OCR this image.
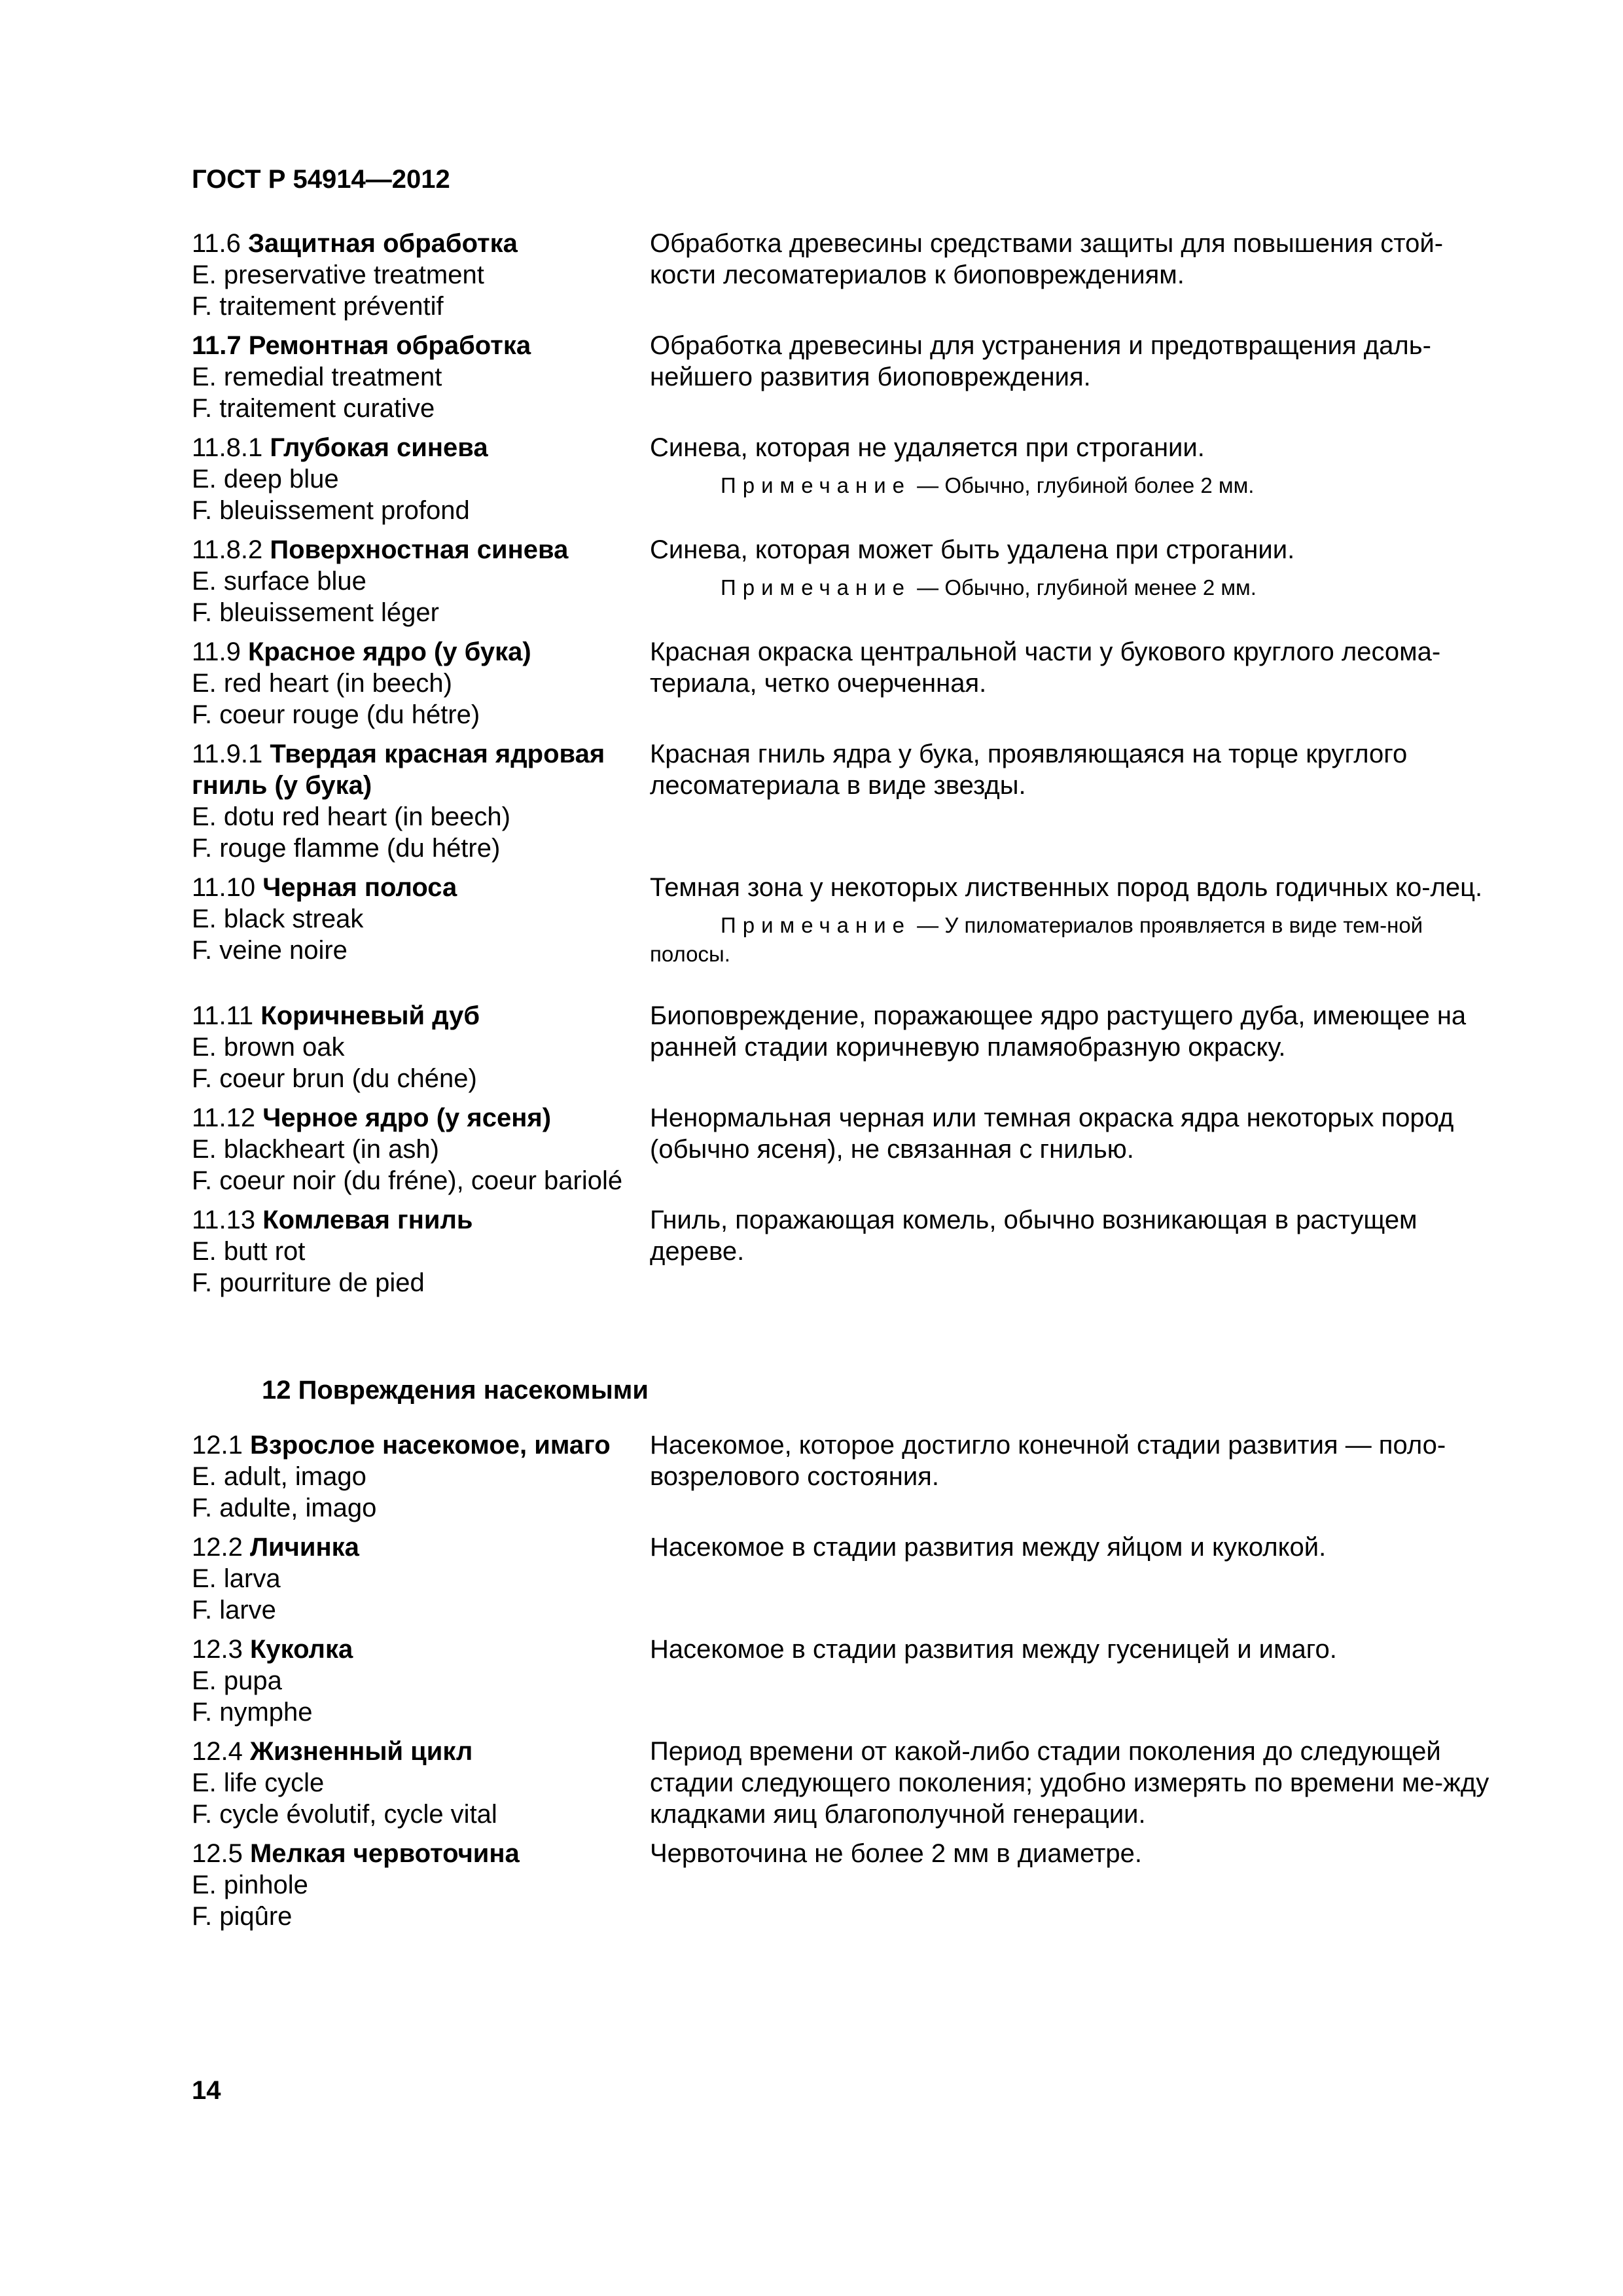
ГОСТ Р 54914—2012
11.6 Защитная обработка
E. preservative treatment
F. traitement préventif
Обработка древесины средствами защиты для повышения стой-кости лесоматериалов к биоповреждениям.
11.7 Ремонтная обработка
E. remedial treatment
F. traitement curative
Обработка древесины для устранения и предотвращения даль-нейшего развития биоповреждения.
11.8.1 Глубокая синева
E. deep blue
F. bleuissement profond
Синева, которая не удаляется при строгании.
Примечание — Обычно, глубиной более 2 мм.
11.8.2 Поверхностная синева
E. surface blue
F. bleuissement léger
Синева, которая может быть удалена при строгании.
Примечание — Обычно, глубиной менее 2 мм.
11.9 Красное ядро (у бука)
E. red heart (in beech)
F. coeur rouge (du hétre)
Красная окраска центральной части у букового круглого лесома-териала, четко очерченная.
11.9.1 Твердая красная ядровая гниль (у бука)
E. dotu red heart (in beech)
F. rouge flamme (du hétre)
Красная гниль ядра у бука, проявляющаяся на торце круглого лесоматериала в виде звезды.
11.10 Черная полоса
E. black streak
F. veine noire
Темная зона у некоторых лиственных пород вдоль годичных ко-лец.
Примечание — У пиломатериалов проявляется в виде тем-ной полосы.
11.11 Коричневый дуб
E. brown oak
F. coeur brun (du chéne)
Биоповреждение, поражающее ядро растущего дуба, имеющее на ранней стадии коричневую пламяобразную окраску.
11.12 Черное ядро (у ясеня)
E. blackheart (in ash)
F. coeur noir (du fréne), coeur bariolé
Ненормальная черная или темная окраска ядра некоторых пород (обычно ясеня), не связанная с гнилью.
11.13 Комлевая гниль
E. butt rot
F. pourriture de pied
Гниль, поражающая комель, обычно возникающая в растущем дереве.
12 Повреждения насекомыми
12.1 Взрослое насекомое, имаго
E. adult, imago
F. adulte, imago
Насекомое, которое достигло конечной стадии развития — поло-возрелового состояния.
12.2 Личинка
E. larva
F. larve
Насекомое в стадии развития между яйцом и куколкой.
12.3 Куколка
E. pupa
F. nymphe
Насекомое в стадии развития между гусеницей и имаго.
12.4 Жизненный цикл
E. life cycle
F. cycle évolutif, cycle vital
Период времени от какой-либо стадии поколения до следующей стадии следующего поколения; удобно измерять по времени ме-жду кладками яиц благополучной генерации.
12.5 Мелкая червоточина
E. pinhole
F. piqûre
Червоточина не более 2 мм в диаметре.
14
